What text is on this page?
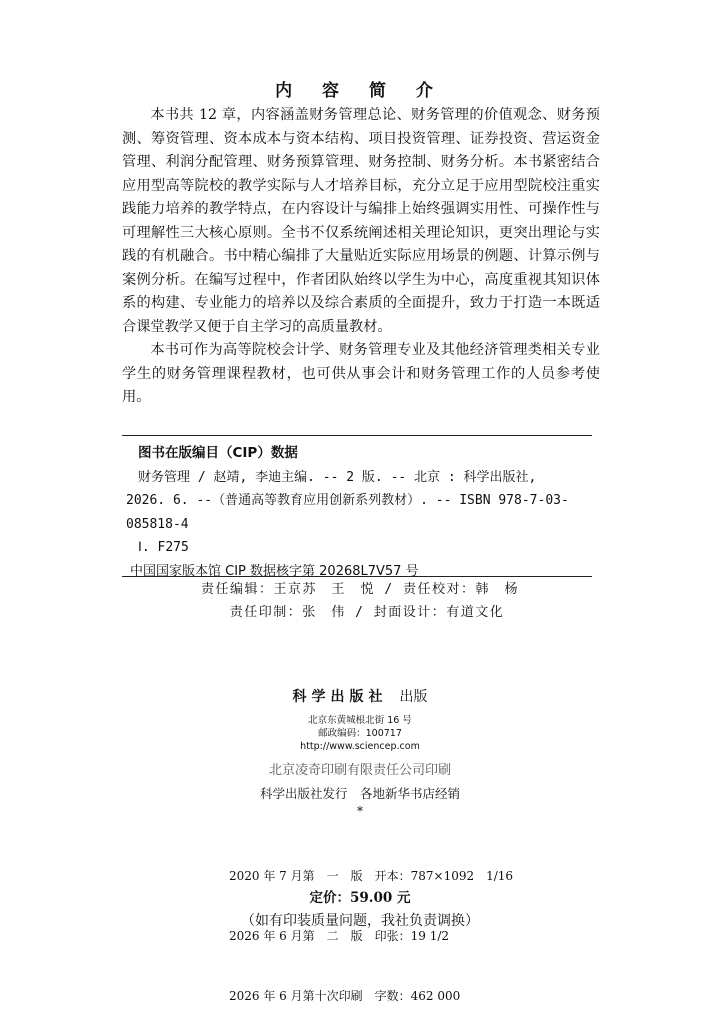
内 容 简 介

本书共 12 章，内容涵盖财务管理总论、财务管理的价值观念、财务预测、筹资管理、资本成本与资本结构、项目投资管理、证券投资、营运资金管理、利润分配管理、财务预算管理、财务控制、财务分析。本书紧密结合应用型高等院校的教学实际与人才培养目标，充分立足于应用型院校注重实践能力培养的教学特点，在内容设计与编排上始终强调实用性、可操作性与可理解性三大核心原则。全书不仅系统阐述相关理论知识，更突出理论与实践的有机融合。书中精心编排了大量贴近实际应用场景的例题、计算示例与案例分析。在编写过程中，作者团队始终以学生为中心，高度重视其知识体系的构建、专业能力的培养以及综合素质的全面提升，致力于打造一本既适合课堂教学又便于自主学习的高质量教材。

本书可作为高等院校会计学、财务管理专业及其他经济管理类相关专业学生的财务管理课程教材，也可供从事会计和财务管理工作的人员参考使用。

图书在版编目（CIP）数据
财务管理 / 赵靖, 李迪主编. -- 2 版. -- 北京 : 科学出版社,
2026. 6. --（普通高等教育应用创新系列教材）. -- ISBN 978-7-03-
085818-4
Ⅰ. F275
中国国家版本馆 CIP 数据核字第 20268L7V57 号
责任编辑：王京苏　王　悦 / 责任校对：韩　杨
责任印制：张　伟 / 封面设计：有道文化
科学出版社 出版
北京东黄城根北街 16 号
邮政编码：100717
http://www.sciencep.com
北京凌奇印刷有限责任公司印刷
科学出版社发行　各地新华书店经销
*

2020 年 7 月第　一　版　开本：787×1092　1/16

2026 年 6 月第　二　版　印张：19 1/2

2026 年 6 月第十次印刷　字数：462 000

定价：59.00 元
（如有印装质量问题，我社负责调换）
